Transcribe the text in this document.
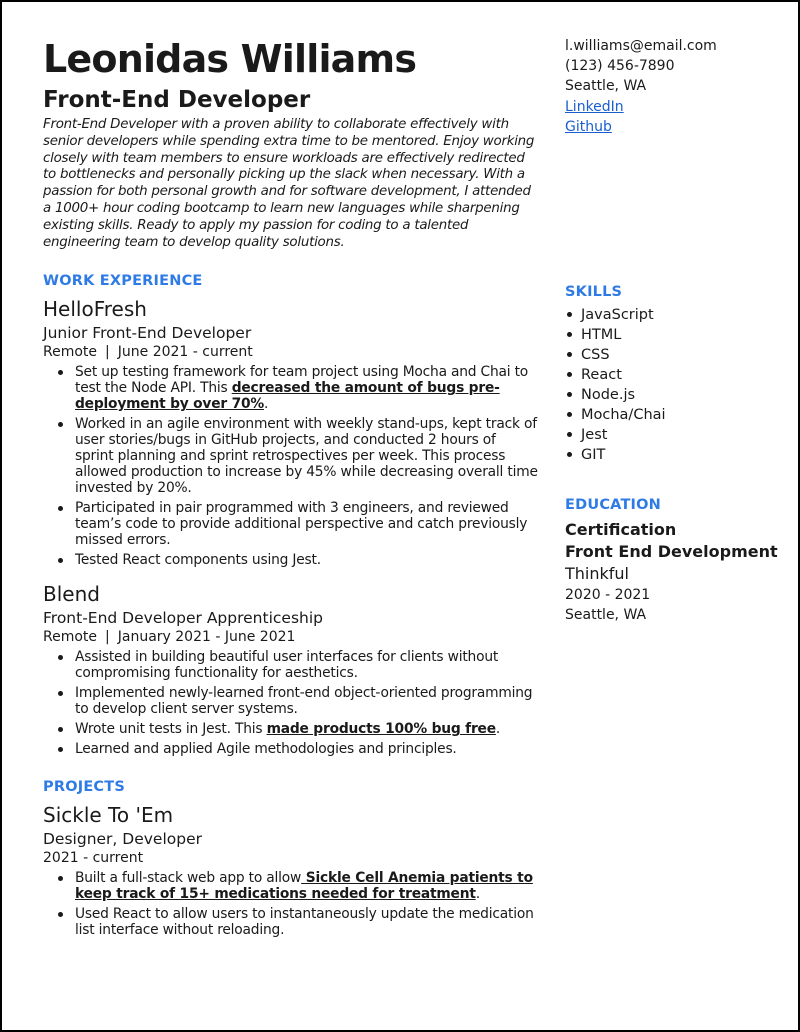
Leonidas Williams
Front-End Developer

Front-End Developer with a proven ability to collaborate effectively with senior developers while spending extra time to be mentored. Enjoy working closely with team members to ensure workloads are effectively redirected to bottlenecks and personally picking up the slack when necessary. With a passion for both personal growth and for software development, I attended a 1000+ hour coding bootcamp to learn new languages while sharpening existing skills. Ready to apply my passion for coding to a talented engineering team to develop quality solutions.

WORK EXPERIENCE
HelloFresh
Junior Front-End Developer
Remote | June 2021 - current
Set up testing framework for team project using Mocha and Chai to test the Node API. This decreased the amount of bugs pre-deployment by over 70%.
Worked in an agile environment with weekly stand-ups, kept track of user stories/bugs in GitHub projects, and conducted 2 hours of sprint planning and sprint retrospectives per week. This process allowed production to increase by 45% while decreasing overall time invested by 20%.
Participated in pair programmed with 3 engineers, and reviewed team’s code to provide additional perspective and catch previously missed errors.
Tested React components using Jest.
Blend
Front-End Developer Apprenticeship
Remote | January 2021 - June 2021
Assisted in building beautiful user interfaces for clients without compromising functionality for aesthetics.
Implemented newly-learned front-end object-oriented programming to develop client server systems.
Wrote unit tests in Jest. This made products 100% bug free.
Learned and applied Agile methodologies and principles.
PROJECTS
Sickle To 'Em
Designer, Developer
2021 - current
Built a full-stack web app to allow Sickle Cell Anemia patients to keep track of 15+ medications needed for treatment.
Used React to allow users to instantaneously update the medication list interface without reloading.
l.williams@email.com
(123) 456-7890
Seattle, WA
LinkedIn
Github
SKILLS
JavaScript
HTML
CSS
React
Node.js
Mocha/Chai
Jest
GIT
EDUCATION
Certification
Front End Development
Thinkful
2020 - 2021
Seattle, WA
